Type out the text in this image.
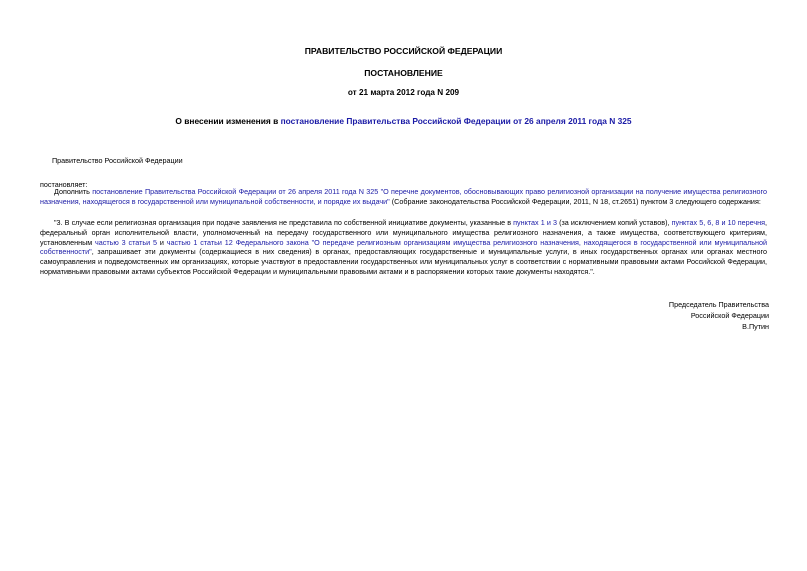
ПРАВИТЕЛЬСТВО РОССИЙСКОЙ ФЕДЕРАЦИИ
ПОСТАНОВЛЕНИЕ
от 21 марта 2012 года N 209
О внесении изменения в постановление Правительства Российской Федерации от 26 апреля 2011 года N 325
Правительство Российской Федерации
постановляет:
Дополнить постановление Правительства Российской Федерации от 26 апреля 2011 года N 325 "О перечне документов, обосновывающих право религиозной организации на получение имущества религиозного назначения, находящегося в государственной или муниципальной собственности, и порядке их выдачи" (Собрание законодательства Российской Федерации, 2011, N 18, ст.2651) пунктом 3 следующего содержания:
"3. В случае если религиозная организация при подаче заявления не представила по собственной инициативе документы, указанные в пунктах 1 и 3 (за исключением копий уставов), пунктах 5, 6, 8 и 10 перечня, федеральный орган исполнительной власти, уполномоченный на передачу государственного или муниципального имущества религиозного назначения, а также имущества, соответствующего критериям, установленным частью 3 статьи 5 и частью 1 статьи 12 Федерального закона "О передаче религиозным организациям имущества религиозного назначения, находящегося в государственной или муниципальной собственности", запрашивает эти документы (содержащиеся в них сведения) в органах, предоставляющих государственные и муниципальные услуги, в иных государственных органах или органах местного самоуправления и подведомственных им организациях, которые участвуют в предоставлении государственных или муниципальных услуг в соответствии с нормативными правовыми актами Российской Федерации, нормативными правовыми актами субъектов Российской Федерации и муниципальными правовыми актами и в распоряжении которых такие документы находятся.".
Председатель Правительства
Российской Федерации
В.Путин
